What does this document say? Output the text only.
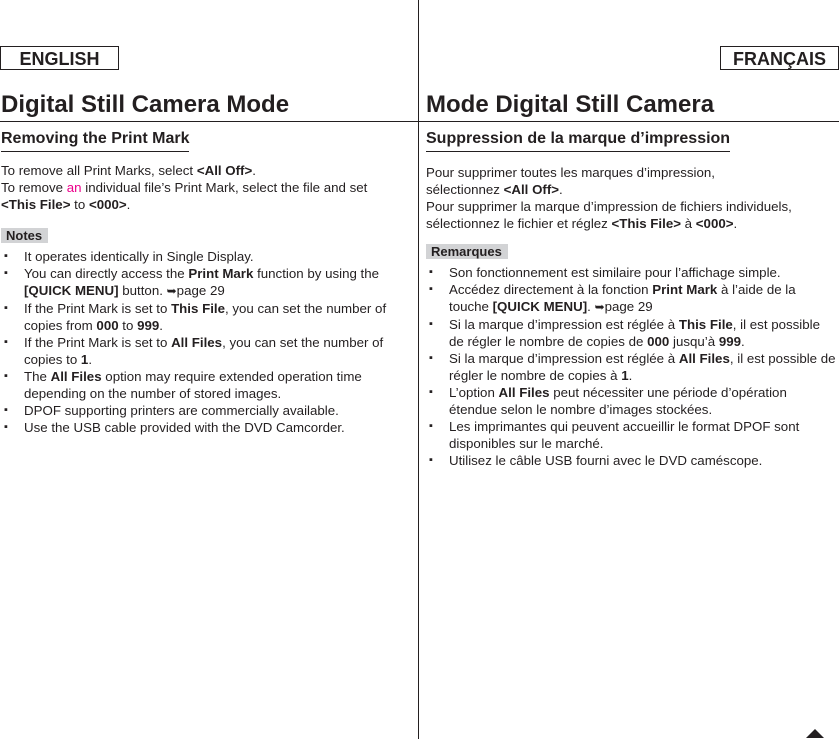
ENGLISH	FRANÇAIS
Digital Still Camera Mode	Mode Digital Still Camera
Removing the Print Mark

To remove all Print Marks, select <All Off>.
To remove an individual file’s Print Mark, select the file and set
<This File> to <000>.

Notes
▪ It operates identically in Single Display.
▪ You can directly access the Print Mark function by using the
[QUICK MENU] button. ➥page 29
▪ If the Print Mark is set to This File, you can set the number of copies from 000 to 999.
▪ If the Print Mark is set to All Files, you can set the number of copies to 1.
▪ The All Files option may require extended operation time depending on the number of stored images.
▪ DPOF supporting printers are commercially available.
▪ Use the USB cable provided with the DVD Camcorder.
Suppression de la marque d’impression

Pour supprimer toutes les marques d’impression,
sélectionnez <All Off>.
Pour supprimer la marque d’impression de fichiers individuels,
sélectionnez le fichier et réglez <This File> à <000>.

Remarques
▪ Son fonctionnement est similaire pour l’affichage simple.
▪ Accédez directement à la fonction Print Mark à l’aide de la touche [QUICK MENU]. ➥page 29
▪ Si la marque d’impression est réglée à This File, il est possible de régler le nombre de copies de 000 jusqu’à 999.
▪ Si la marque d’impression est réglée à All Files, il est possible de régler le nombre de copies à 1.
▪ L’option All Files peut nécessiter une période d’opération étendue selon le nombre d’images stockées.
▪ Les imprimantes qui peuvent accueillir le format DPOF sont disponibles sur le marché.
▪ Utilisez le câble USB fourni avec le DVD caméscope.
